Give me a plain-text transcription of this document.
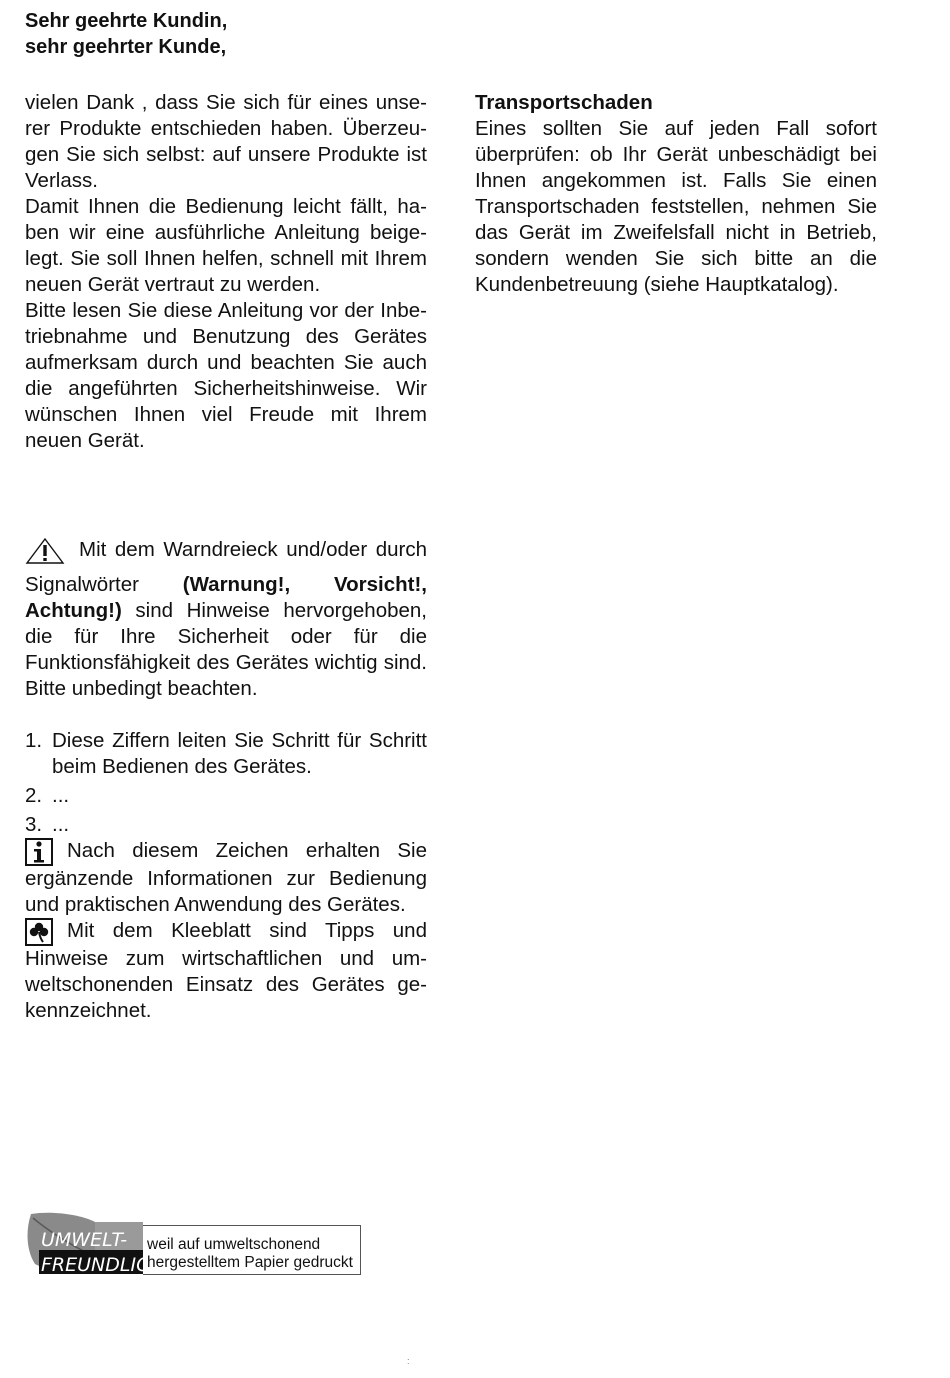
Sehr geehrte Kundin,
sehr geehrter Kunde,

vielen Dank , dass Sie sich für eines unserer Produkte entschieden haben. Überzeugen Sie sich selbst: auf unsere Produkte ist Verlass.

Damit Ihnen die Bedienung leicht fällt, haben wir eine ausführliche Anleitung beigelegt. Sie soll Ihnen helfen, schnell mit Ihrem neuen Gerät vertraut zu werden.

Bitte lesen Sie diese Anleitung vor der Inbetriebnahme und Benutzung des Gerätes aufmerksam durch und beachten Sie auch die angeführten Sicherheitshinweise. Wir wünschen Ihnen viel Freude mit Ihrem neuen Gerät.

Transportschaden

Eines sollten Sie auf jeden Fall sofort überprüfen: ob Ihr Gerät unbeschädigt bei Ihnen angekommen ist. Falls Sie einen Transportschaden feststellen, nehmen Sie das Gerät im Zweifelsfall nicht in Betrieb, sondern wenden Sie sich bitte an die Kundenbetreuung (siehe Hauptkatalog).

Mit dem Warndreieck und/oder durch Signalwörter (Warnung!, Vorsicht!, Achtung!) sind Hinweise hervorgehoben, die für Ihre Sicherheit oder für die Funktionsfähigkeit des Gerätes wichtig sind. Bitte unbedingt beachten.

1. Diese Ziffern leiten Sie Schritt für Schritt beim Bedienen des Gerätes.
2. ...
3. ...

Nach diesem Zeichen erhalten Sie ergänzende Informationen zur Bedienung und praktischen Anwendung des Gerätes.

Mit dem Kleeblatt sind Tipps und Hinweise zum wirtschaftlichen und umweltschonenden Einsatz des Gerätes gekennzeichnet.

UMWELT-
FREUNDLICH
weil auf umweltschonend
hergestelltem Papier gedruckt
:
